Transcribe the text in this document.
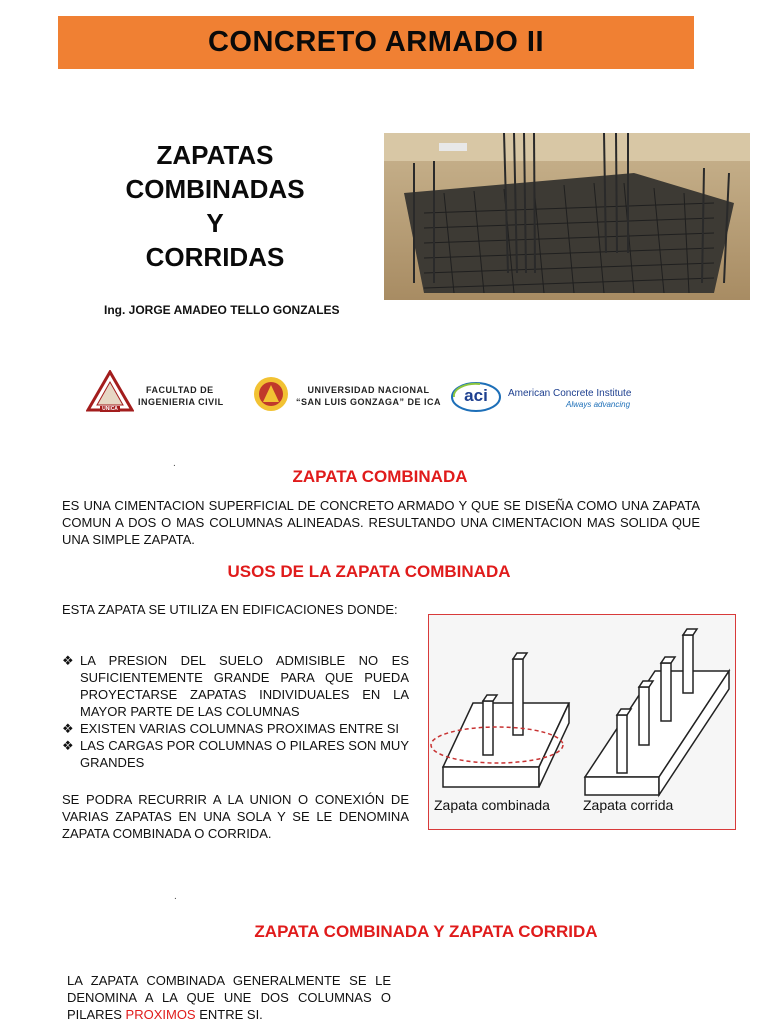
CONCRETO ARMADO II
ZAPATAS
COMBINADAS
Y
CORRIDAS
Ing. JORGE AMADEO TELLO GONZALES
UNICA
FACULTAD DE
INGENIERIA CIVIL
UNIVERSIDAD NACIONAL
“SAN LUIS GONZAGA” DE ICA	aci	American Concrete Institute
Always advancing
.
ZAPATA COMBINADA
ES UNA CIMENTACION SUPERFICIAL DE CONCRETO ARMADO Y QUE SE DISEÑA COMO UNA ZAPATA COMUN A DOS O MAS COLUMNAS ALINEADAS. RESULTANDO UNA CIMENTACION MAS SOLIDA QUE UNA SIMPLE ZAPATA.
USOS DE LA ZAPATA COMBINADA
ESTA ZAPATA SE UTILIZA EN EDIFICACIONES DONDE:
❖ LA PRESION DEL SUELO ADMISIBLE NO ES SUFICIENTEMENTE GRANDE PARA QUE PUEDA PROYECTARSE ZAPATAS INDIVIDUALES EN LA MAYOR PARTE DE LAS COLUMNAS
❖ EXISTEN VARIAS COLUMNAS PROXIMAS ENTRE SI
❖ LAS CARGAS POR COLUMNAS O PILARES SON MUY GRANDES
SE PODRA RECURRIR A LA UNION O CONEXIÓN DE VARIAS ZAPATAS EN UNA SOLA Y SE LE DENOMINA ZAPATA COMBINADA O CORRIDA.
Zapata combinada Zapata corrida
.
ZAPATA COMBINADA Y ZAPATA CORRIDA
LA ZAPATA COMBINADA GENERALMENTE SE LE DENOMINA A LA QUE UNE DOS COLUMNAS O PILARES PROXIMOS ENTRE SI.
